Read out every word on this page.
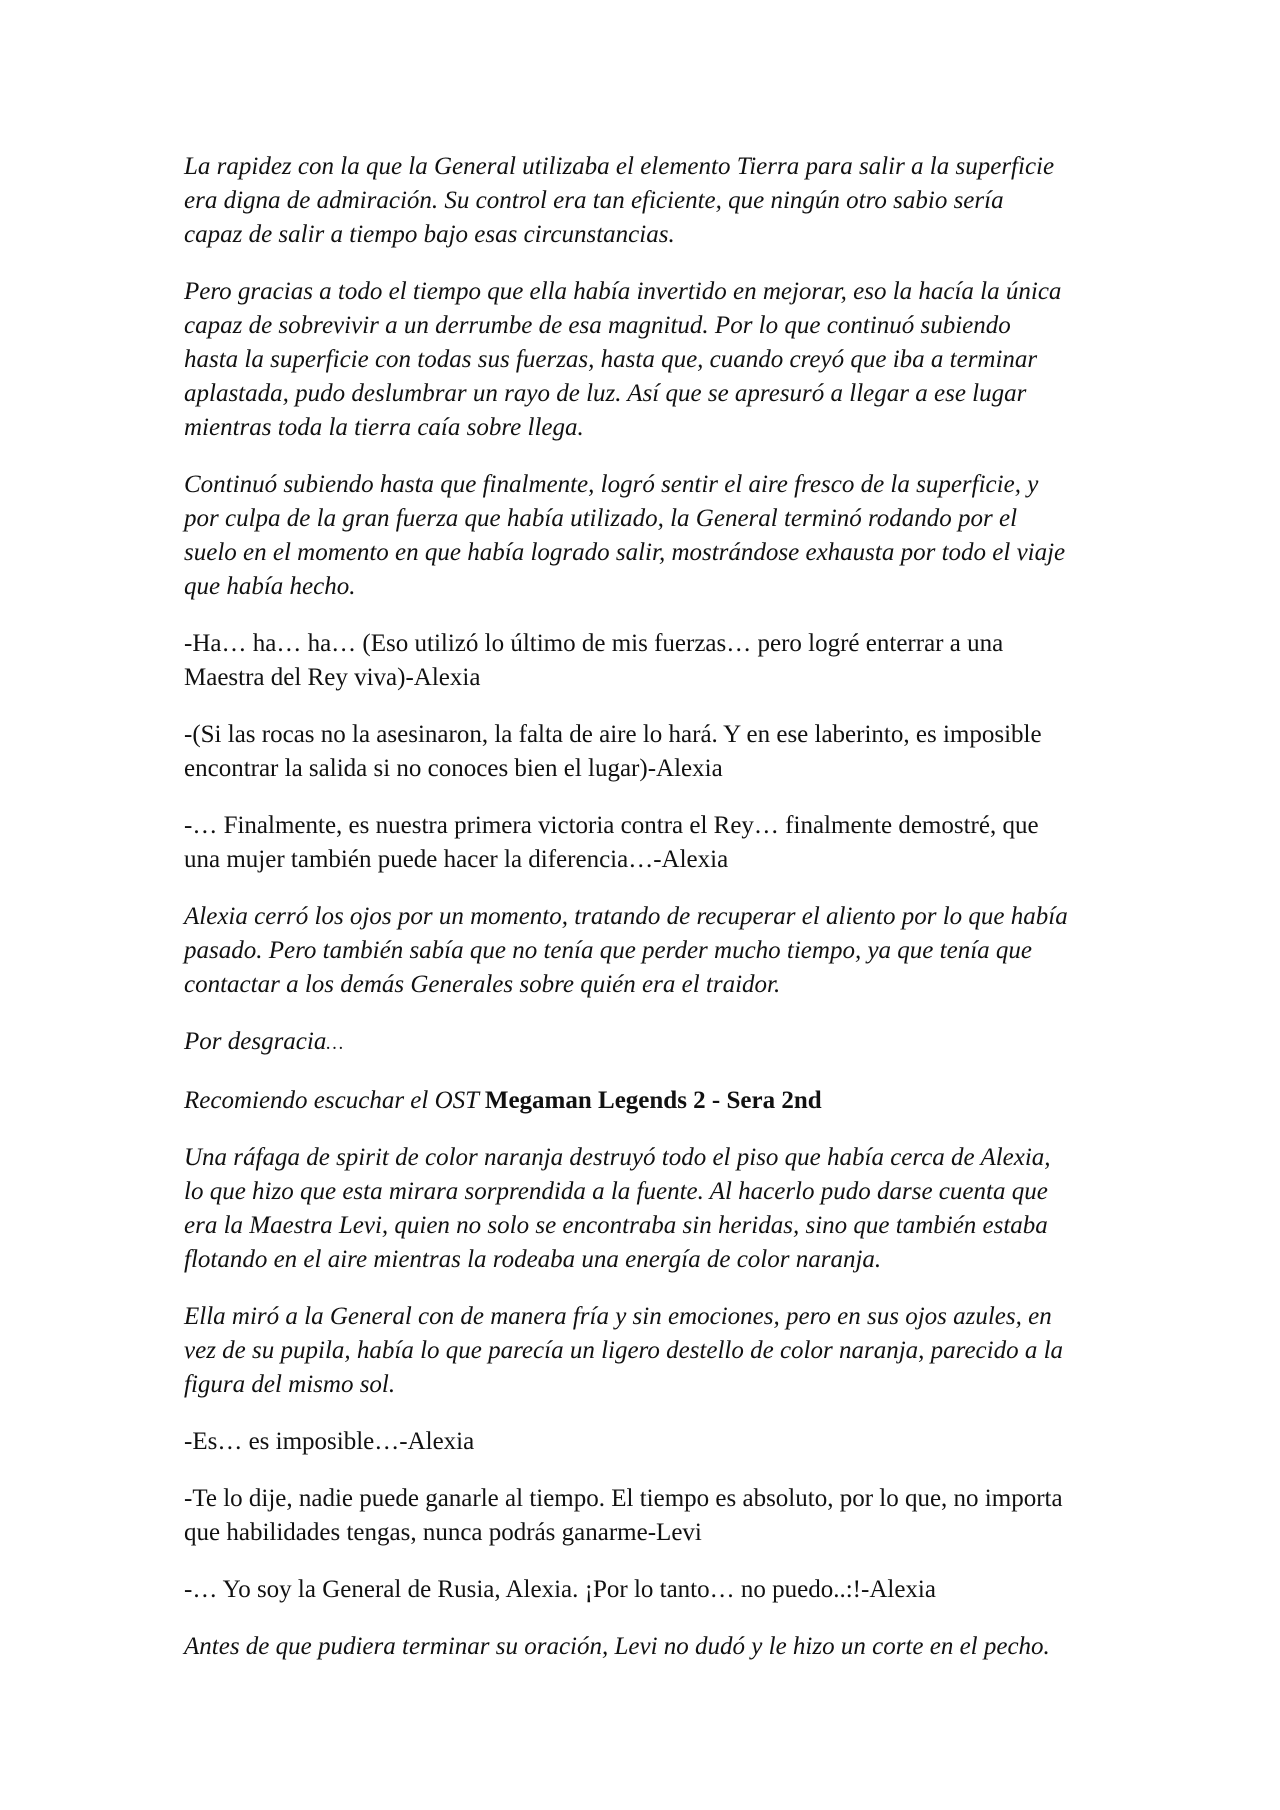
La rapidez con la que la General utilizaba el elemento Tierra para salir a la superficie
era digna de admiración. Su control era tan eficiente, que ningún otro sabio sería
capaz de salir a tiempo bajo esas circunstancias.

Pero gracias a todo el tiempo que ella había invertido en mejorar, eso la hacía la única
capaz de sobrevivir a un derrumbe de esa magnitud. Por lo que continuó subiendo
hasta la superficie con todas sus fuerzas, hasta que, cuando creyó que iba a terminar
aplastada, pudo deslumbrar un rayo de luz. Así que se apresuró a llegar a ese lugar
mientras toda la tierra caía sobre llega.

Continuó subiendo hasta que finalmente, logró sentir el aire fresco de la superficie, y
por culpa de la gran fuerza que había utilizado, la General terminó rodando por el
suelo en el momento en que había logrado salir, mostrándose exhausta por todo el viaje
que había hecho.

-Ha… ha… ha… (Eso utilizó lo último de mis fuerzas… pero logré enterrar a una
Maestra del Rey viva)-Alexia

-(Si las rocas no la asesinaron, la falta de aire lo hará. Y en ese laberinto, es imposible
encontrar la salida si no conoces bien el lugar)-Alexia

-… Finalmente, es nuestra primera victoria contra el Rey… finalmente demostré, que
una mujer también puede hacer la diferencia…-Alexia

Alexia cerró los ojos por un momento, tratando de recuperar el aliento por lo que había
pasado. Pero también sabía que no tenía que perder mucho tiempo, ya que tenía que
contactar a los demás Generales sobre quién era el traidor.

Por desgracia…

Recomiendo escuchar el OST Megaman Legends 2 - Sera 2nd

Una ráfaga de spirit de color naranja destruyó todo el piso que había cerca de Alexia,
lo que hizo que esta mirara sorprendida a la fuente. Al hacerlo pudo darse cuenta que
era la Maestra Levi, quien no solo se encontraba sin heridas, sino que también estaba
flotando en el aire mientras la rodeaba una energía de color naranja.

Ella miró a la General con de manera fría y sin emociones, pero en sus ojos azules, en
vez de su pupila, había lo que parecía un ligero destello de color naranja, parecido a la
figura del mismo sol.

-Es… es imposible…-Alexia

-Te lo dije, nadie puede ganarle al tiempo. El tiempo es absoluto, por lo que, no importa
que habilidades tengas, nunca podrás ganarme-Levi

-… Yo soy la General de Rusia, Alexia. ¡Por lo tanto… no puedo..:!-Alexia

Antes de que pudiera terminar su oración, Levi no dudó y le hizo un corte en el pecho.
